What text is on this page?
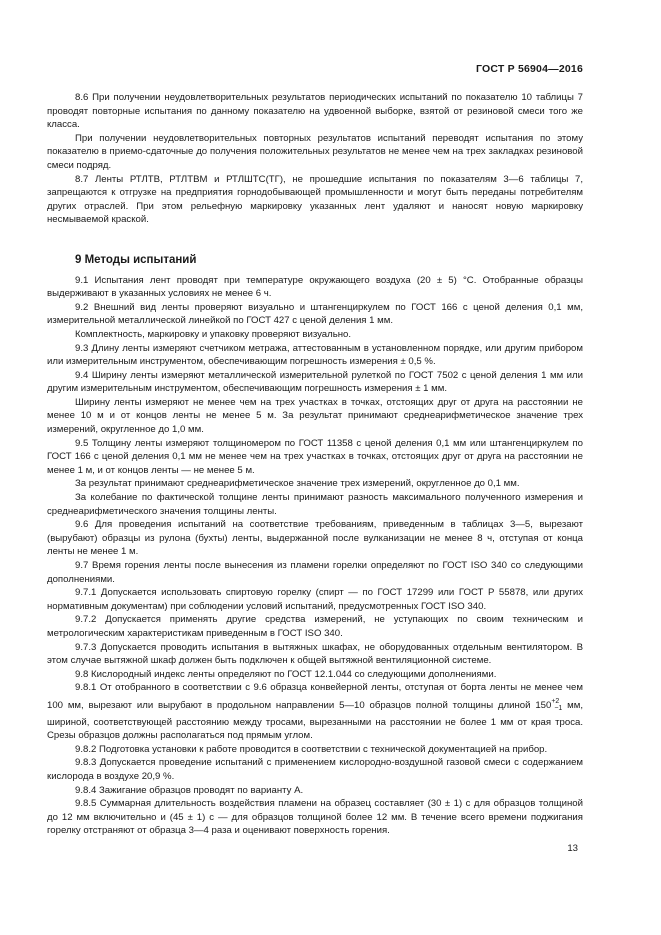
ГОСТ Р 56904—2016

8.6 При получении неудовлетворительных результатов периодических испытаний по показателю 10 таблицы 7 проводят повторные испытания по данному показателю на удвоенной выборке, взятой от резиновой смеси того же класса.

При получении неудовлетворительных повторных результатов испытаний переводят испытания по этому показателю в приемо-сдаточные до получения положительных результатов не менее чем на трех закладках резиновой смеси подряд.

8.7 Ленты РТЛТВ, РТЛТВМ и РТЛШТС(ТГ), не прошедшие испытания по показателям 3—6 таблицы 7, запрещаются к отгрузке на предприятия горнодобывающей промышленности и могут быть переданы потребителям других отраслей. При этом рельефную маркировку указанных лент удаляют и наносят новую маркировку несмываемой краской.

9 Методы испытаний

9.1 Испытания лент проводят при температуре окружающего воздуха (20 ± 5) °С. Отобранные образцы выдерживают в указанных условиях не менее 6 ч.

9.2 Внешний вид ленты проверяют визуально и штангенциркулем по ГОСТ 166 с ценой деления 0,1 мм, измерительной металлической линейкой по ГОСТ 427 с ценой деления 1 мм.

Комплектность, маркировку и упаковку проверяют визуально.

9.3 Длину ленты измеряют счетчиком метража, аттестованным в установленном порядке, или другим прибором или измерительным инструментом, обеспечивающим погрешность измерения ± 0,5 %.

9.4 Ширину ленты измеряют металлической измерительной рулеткой по ГОСТ 7502 с ценой деления 1 мм или другим измерительным инструментом, обеспечивающим погрешность измерения ± 1 мм.

Ширину ленты измеряют не менее чем на трех участках в точках, отстоящих друг от друга на расстоянии не менее 10 м и от концов ленты не менее 5 м. За результат принимают среднеарифметическое значение трех измерений, округленное до 1,0 мм.

9.5 Толщину ленты измеряют толщиномером по ГОСТ 11358 с ценой деления 0,1 мм или штангенциркулем по ГОСТ 166 с ценой деления 0,1 мм не менее чем на трех участках в точках, отстоящих друг от друга на расстоянии не менее 1 м, и от концов ленты — не менее 5 м.

За результат принимают среднеарифметическое значение трех измерений, округленное до 0,1 мм.

За колебание по фактической толщине ленты принимают разность максимального полученного измерения и среднеарифметического значения толщины ленты.

9.6 Для проведения испытаний на соответствие требованиям, приведенным в таблицах 3—5, вырезают (вырубают) образцы из рулона (бухты) ленты, выдержанной после вулканизации не менее 8 ч, отступая от конца ленты не менее 1 м.

9.7 Время горения ленты после вынесения из пламени горелки определяют по ГОСТ ISO 340 со следующими дополнениями.

9.7.1 Допускается использовать спиртовую горелку (спирт — по ГОСТ 17299 или ГОСТ Р 55878, или других нормативным документам) при соблюдении условий испытаний, предусмотренных ГОСТ ISO 340.

9.7.2 Допускается применять другие средства измерений, не уступающих по своим техническим и метрологическим характеристикам приведенным в ГОСТ ISO 340.

9.7.3 Допускается проводить испытания в вытяжных шкафах, не оборудованных отдельным вентилятором. В этом случае вытяжной шкаф должен быть подключен к общей вытяжной вентиляционной системе.

9.8 Кислородный индекс ленты определяют по ГОСТ 12.1.044 со следующими дополнениями.

9.8.1 От отобранного в соответствии с 9.6 образца конвейерной ленты, отступая от борта ленты не менее чем 100 мм, вырезают или вырубают в продольном направлении 5—10 образцов полной толщины длиной $150^{+2}_{-1}$ мм, шириной, соответствующей расстоянию между тросами, вырезанными на расстоянии не более 1 мм от края троса. Срезы образцов должны располагаться под прямым углом.

9.8.2 Подготовка установки к работе проводится в соответствии с технической документацией на прибор.

9.8.3 Допускается проведение испытаний с применением кислородно-воздушной газовой смеси с содержанием кислорода в воздухе 20,9 %.

9.8.4 Зажигание образцов проводят по варианту А.

9.8.5 Суммарная длительность воздействия пламени на образец составляет (30 ± 1) с для образцов толщиной до 12 мм включительно и (45 ± 1) с — для образцов толщиной более 12 мм. В течение всего времени поджигания горелку отстраняют от образца 3—4 раза и оценивают поверхность горения.

13
